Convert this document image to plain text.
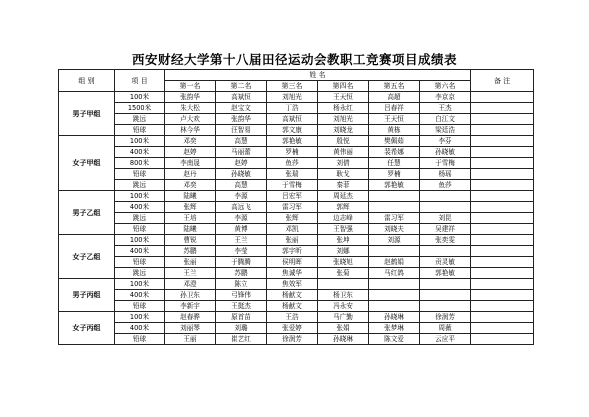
西安财经大学第十八届田径运动会教职工竞赛项目成绩表
组 别	项 目	姓 名						备 注
		第一名	第二名	第三名	第四名	第五名	第六名	
男子甲组	100米	张韵华	高斌恒	刘旭光	王天恒	高超	李京京	
	1500米	朱大松	赵宝文	丁浩	杨永红	吕春祥	王杰	
	跳远	卢大欢	张韵华	高斌恒	刘旭光	王天恒	白江文	
	铅球	林今华	汪智易	郭文康	刘晓龙	黄栋	梁廷浩	
女子甲组	100米	邓奕	高慧	郭艳敏	殷悦	樊佩茹	李芬	
	400米	赵婷	马丽蕾	罗楠	黄伟丽	裴希娜	孙晓敏	
	800米	李南晟	赵婷	鱼莎	刘倩	任慧	于雪梅	
	铅球	赵丹	孙晓敏	张瑞	耿戈	罗楠	杨瑶	
	跳远	邓奕	高慧	于雪梅	秦菲	郭艳敏	鱼莎	
男子乙组	100米	陆曦	李源	吕宏军	周延杰			
	400米	张辉	高远飞	雷习军	郭辉			
	跳远	王培	李源	张辉	边志峰	雷习军	刘昆	
	铅球	陆曦	黄博	邓凯	王智强	刘晓夫	吴建祥	
女子乙组	100米	曹锐	王兰	张丽	张坤	刘源	张奕雯	
	400米	苏鹏	李莹	郭宇昕	刘娜			
	铅球	张丽	于腾腾	侯明晖	张晓旭	赵鹤娟	贡灵敏	
	跳远	王兰	苏鹏	焦诚华	张菊	马红鸽	郭艳敏	
男子丙组	100米	邓澄	陈立	焦效军				
	400米	孙卫东	弓锋伟	杨献文	杨卫东			
	铅球	李新宇	王挺杰	杨献文	冯永安			
女子丙组	100米	赵春骅	原首苗	王浩	马广勤	孙晓琳	徐润芳	
	400米	刘丽琴	刘璐	张爱婷	张娟	张梦琳	周薇	
	铅球	王丽	崔艺红	徐润芳	孙晓琳	陈文爱	云应平	
